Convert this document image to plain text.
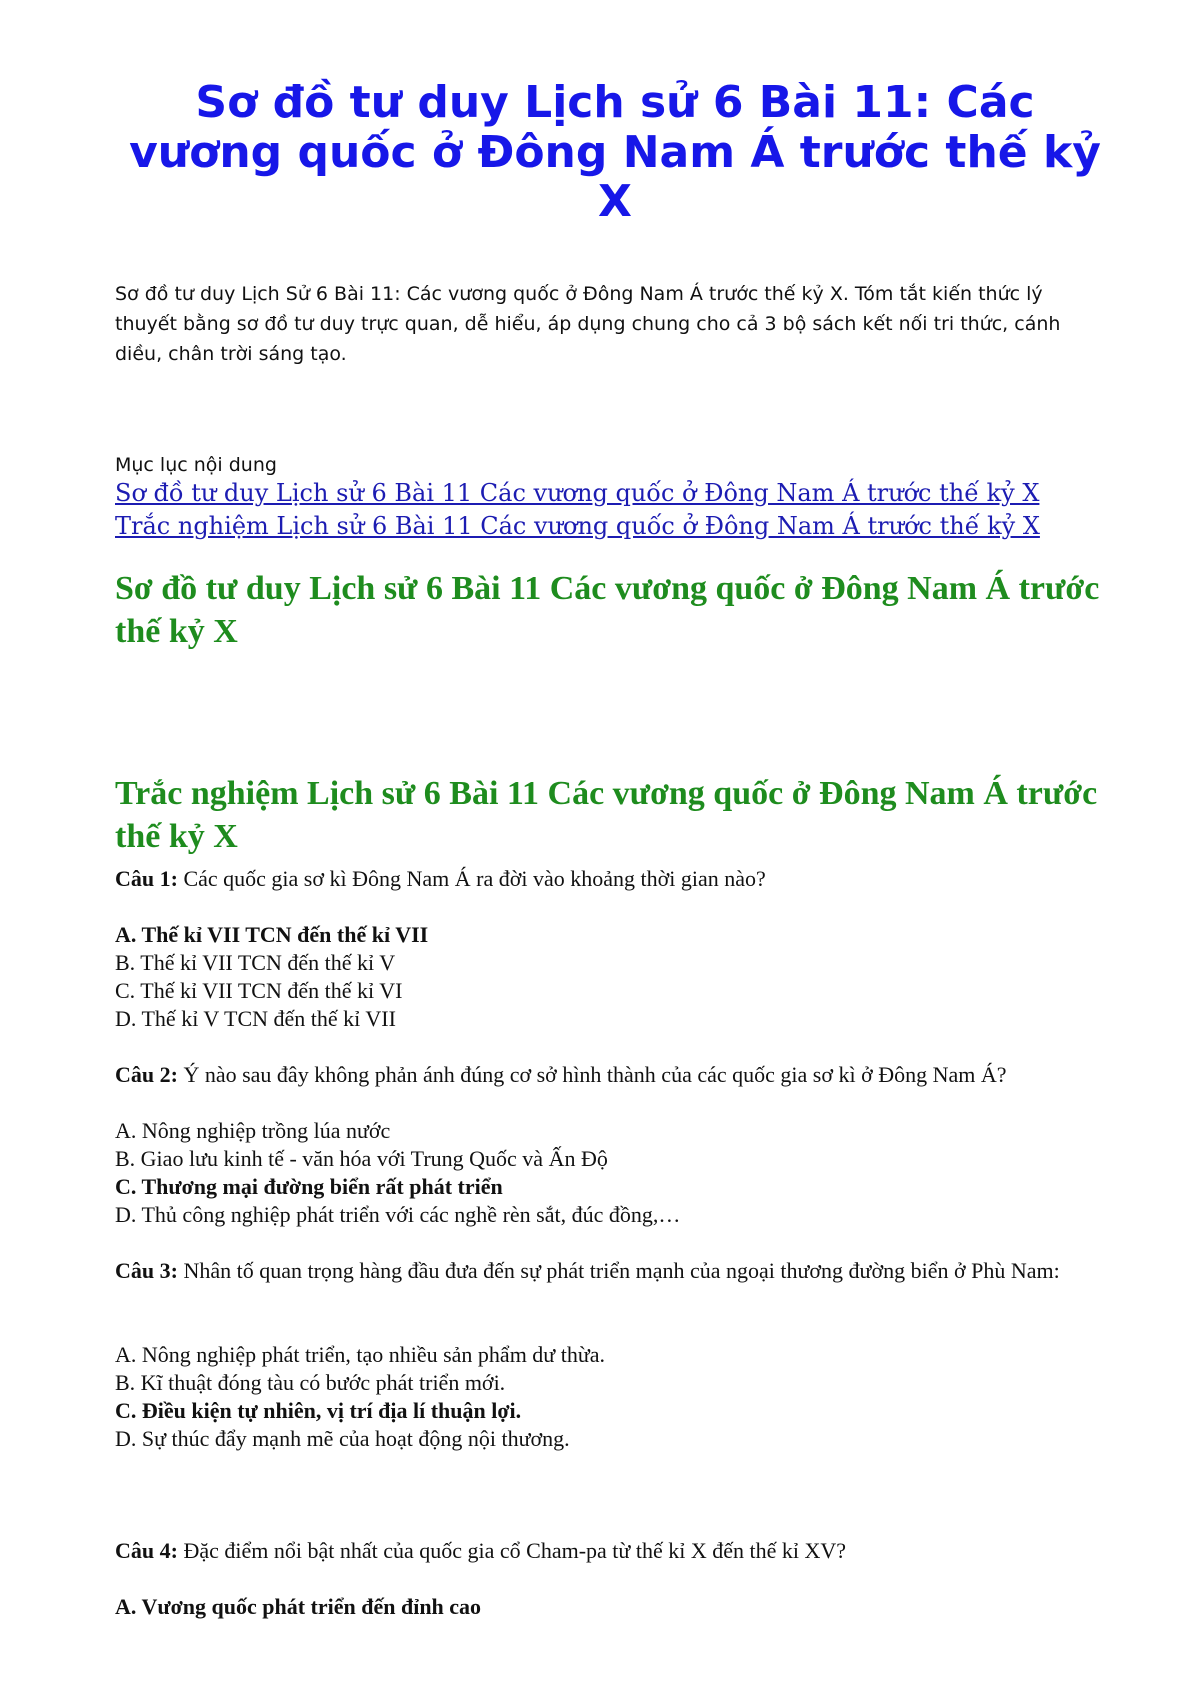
Sơ đồ tư duy Lịch sử 6 Bài 11: Các vương quốc ở Đông Nam Á trước thế kỷ X

Sơ đồ tư duy Lịch Sử 6 Bài 11: Các vương quốc ở Đông Nam Á trước thế kỷ X. Tóm tắt kiến thức lý thuyết bằng sơ đồ tư duy trực quan, dễ hiểu, áp dụng chung cho cả 3 bộ sách kết nối tri thức, cánh diều, chân trời sáng tạo.

Mục lục nội dung

Sơ đồ tư duy Lịch sử 6 Bài 11 Các vương quốc ở Đông Nam Á trước thế kỷ X
Trắc nghiệm Lịch sử 6 Bài 11 Các vương quốc ở Đông Nam Á trước thế kỷ X
Sơ đồ tư duy Lịch sử 6 Bài 11 Các vương quốc ở Đông Nam Á trước thế kỷ X
Trắc nghiệm Lịch sử 6 Bài 11 Các vương quốc ở Đông Nam Á trước thế kỷ X

Câu 1: Các quốc gia sơ kì Đông Nam Á ra đời vào khoảng thời gian nào?

A. Thế kỉ VII TCN đến thế kỉ VII

B. Thế kỉ VII TCN đến thế kỉ V

C. Thế kỉ VII TCN đến thế kỉ VI

D. Thế kỉ V TCN đến thế kỉ VII

Câu 2: Ý nào sau đây không phản ánh đúng cơ sở hình thành của các quốc gia sơ kì ở Đông Nam Á?

A. Nông nghiệp trồng lúa nước

B. Giao lưu kinh tế - văn hóa với Trung Quốc và Ấn Độ

C. Thương mại đường biển rất phát triển

D. Thủ công nghiệp phát triển với các nghề rèn sắt, đúc đồng,…

Câu 3: Nhân tố quan trọng hàng đầu đưa đến sự phát triển mạnh của ngoại thương đường biển ở Phù Nam:

A. Nông nghiệp phát triển, tạo nhiều sản phẩm dư thừa.

B. Kĩ thuật đóng tàu có bước phát triển mới.

C. Điều kiện tự nhiên, vị trí địa lí thuận lợi.

D. Sự thúc đẩy mạnh mẽ của hoạt động nội thương.

Câu 4: Đặc điểm nổi bật nhất của quốc gia cổ Cham-pa từ thế kỉ X đến thế kỉ XV?

A. Vương quốc phát triển đến đỉnh cao
